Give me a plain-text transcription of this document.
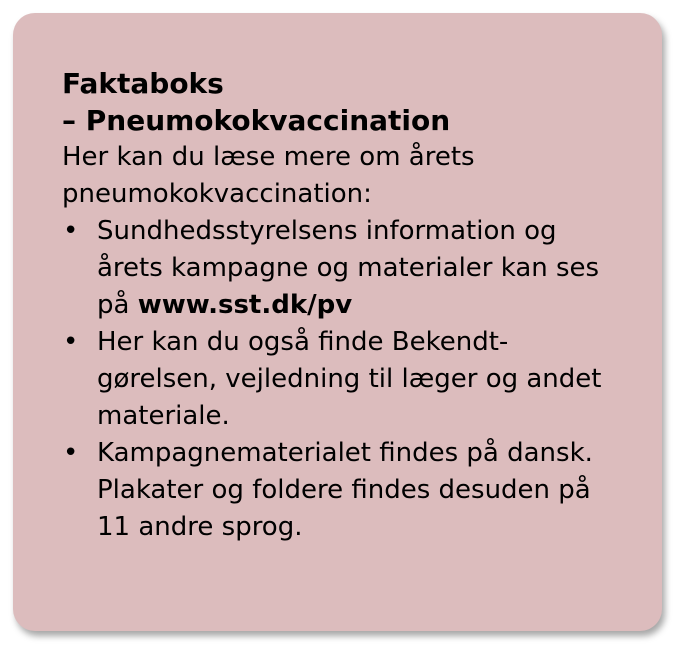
Faktaboks
– Pneumokokvaccination

Her kan du læse mere om årets pneumokokvaccination:

• Sundhedsstyrelsens information og årets kampagne og materialer kan ses på www.sst.dk/pv
• Her kan du også finde Bekendt-gørelsen, vejledning til læger og andet materiale.
• Kampagnematerialet findes på dansk. Plakater og foldere findes desuden på 11 andre sprog.
